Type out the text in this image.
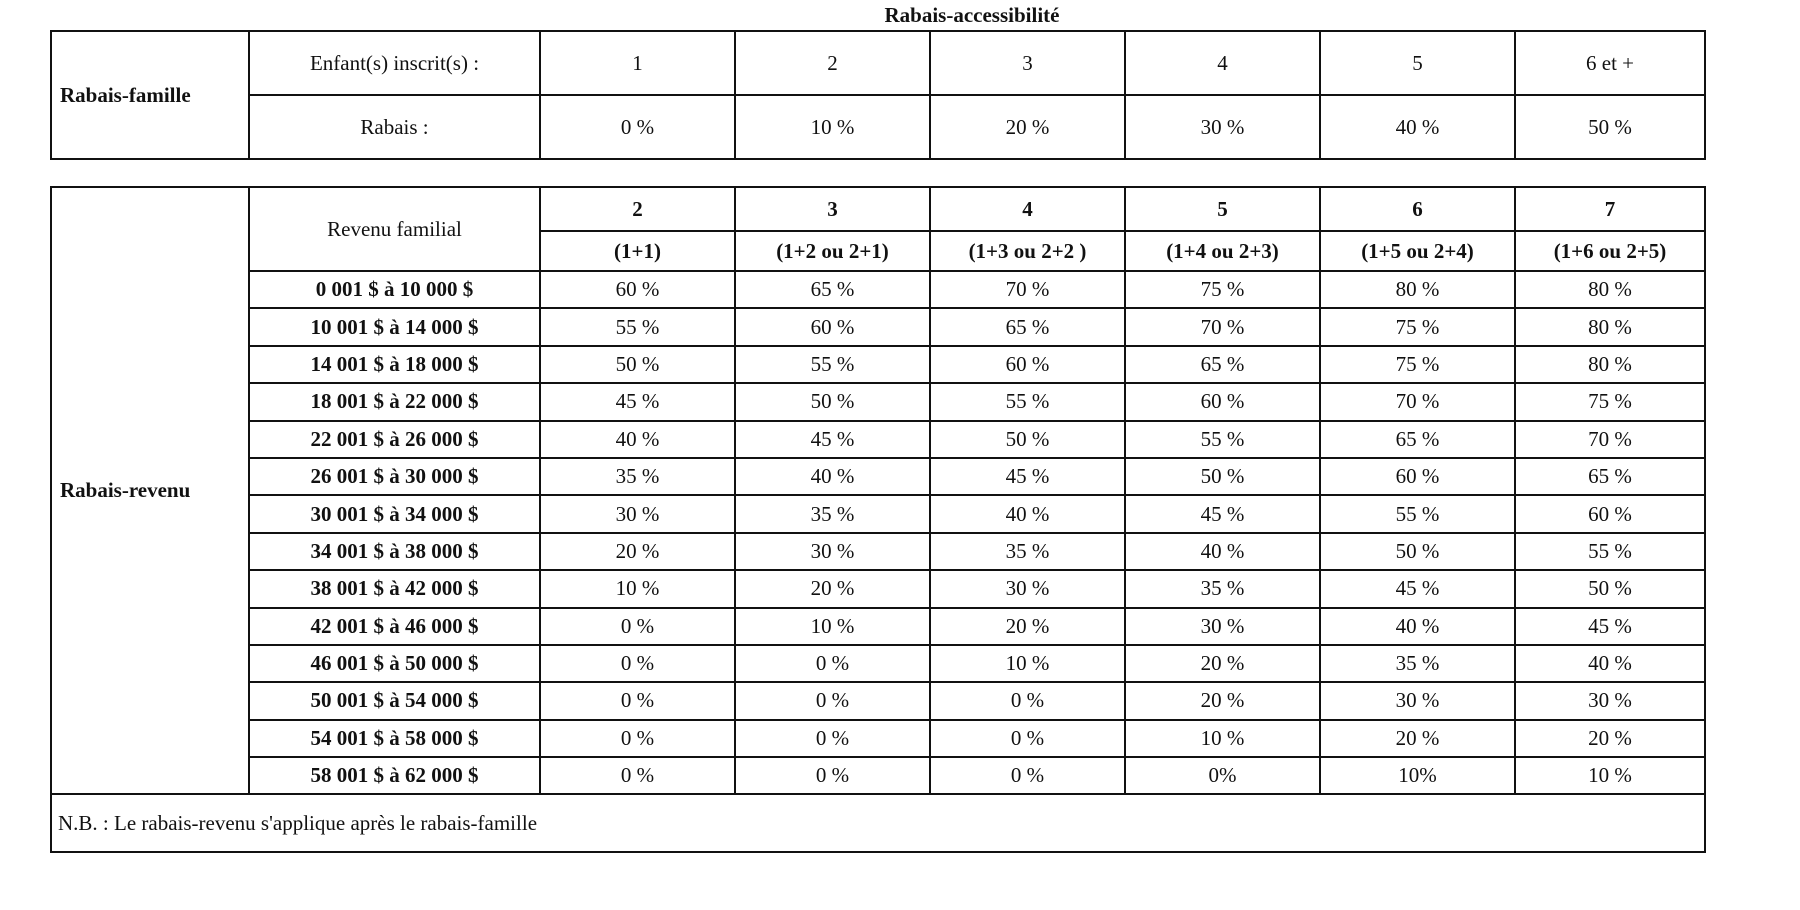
Rabais-accessibilité
Rabais-famille	Enfant(s) inscrit(s) :	1	2	3	4	5	6 et +
	Rabais :	0 %	10 %	20 %	30 %	40 %	50 %
Rabais-revenu	Revenu familial	2	3	4	5	6	7
		(1+1)	(1+2 ou 2+1)	(1+3 ou 2+2 )	(1+4 ou 2+3)	(1+5 ou 2+4)	(1+6 ou 2+5)
	0 001 $ à 10 000 $	60 %	65 %	70 %	75 %	80 %	80 %
	10 001 $ à 14 000 $	55 %	60 %	65 %	70 %	75 %	80 %
	14 001 $ à 18 000 $	50 %	55 %	60 %	65 %	75 %	80 %
	18 001 $ à 22 000 $	45 %	50 %	55 %	60 %	70 %	75 %
	22 001 $ à 26 000 $	40 %	45 %	50 %	55 %	65 %	70 %
	26 001 $ à 30 000 $	35 %	40 %	45 %	50 %	60 %	65 %
	30 001 $ à 34 000 $	30 %	35 %	40 %	45 %	55 %	60 %
	34 001 $ à 38 000 $	20 %	30 %	35 %	40 %	50 %	55 %
	38 001 $ à 42 000 $	10 %	20 %	30 %	35 %	45 %	50 %
	42 001 $ à 46 000 $	0 %	10 %	20 %	30 %	40 %	45 %
	46 001 $ à 50 000 $	0 %	0 %	10 %	20 %	35 %	40 %
	50 001 $ à 54 000 $	0 %	0 %	0 %	20 %	30 %	30 %
	54 001 $ à 58 000 $	0 %	0 %	0 %	10 %	20 %	20 %
	58 001 $ à 62 000 $	0 %	0 %	0 %	0%	10%	10 %
N.B. : Le rabais-revenu s'applique après le rabais-famille							
